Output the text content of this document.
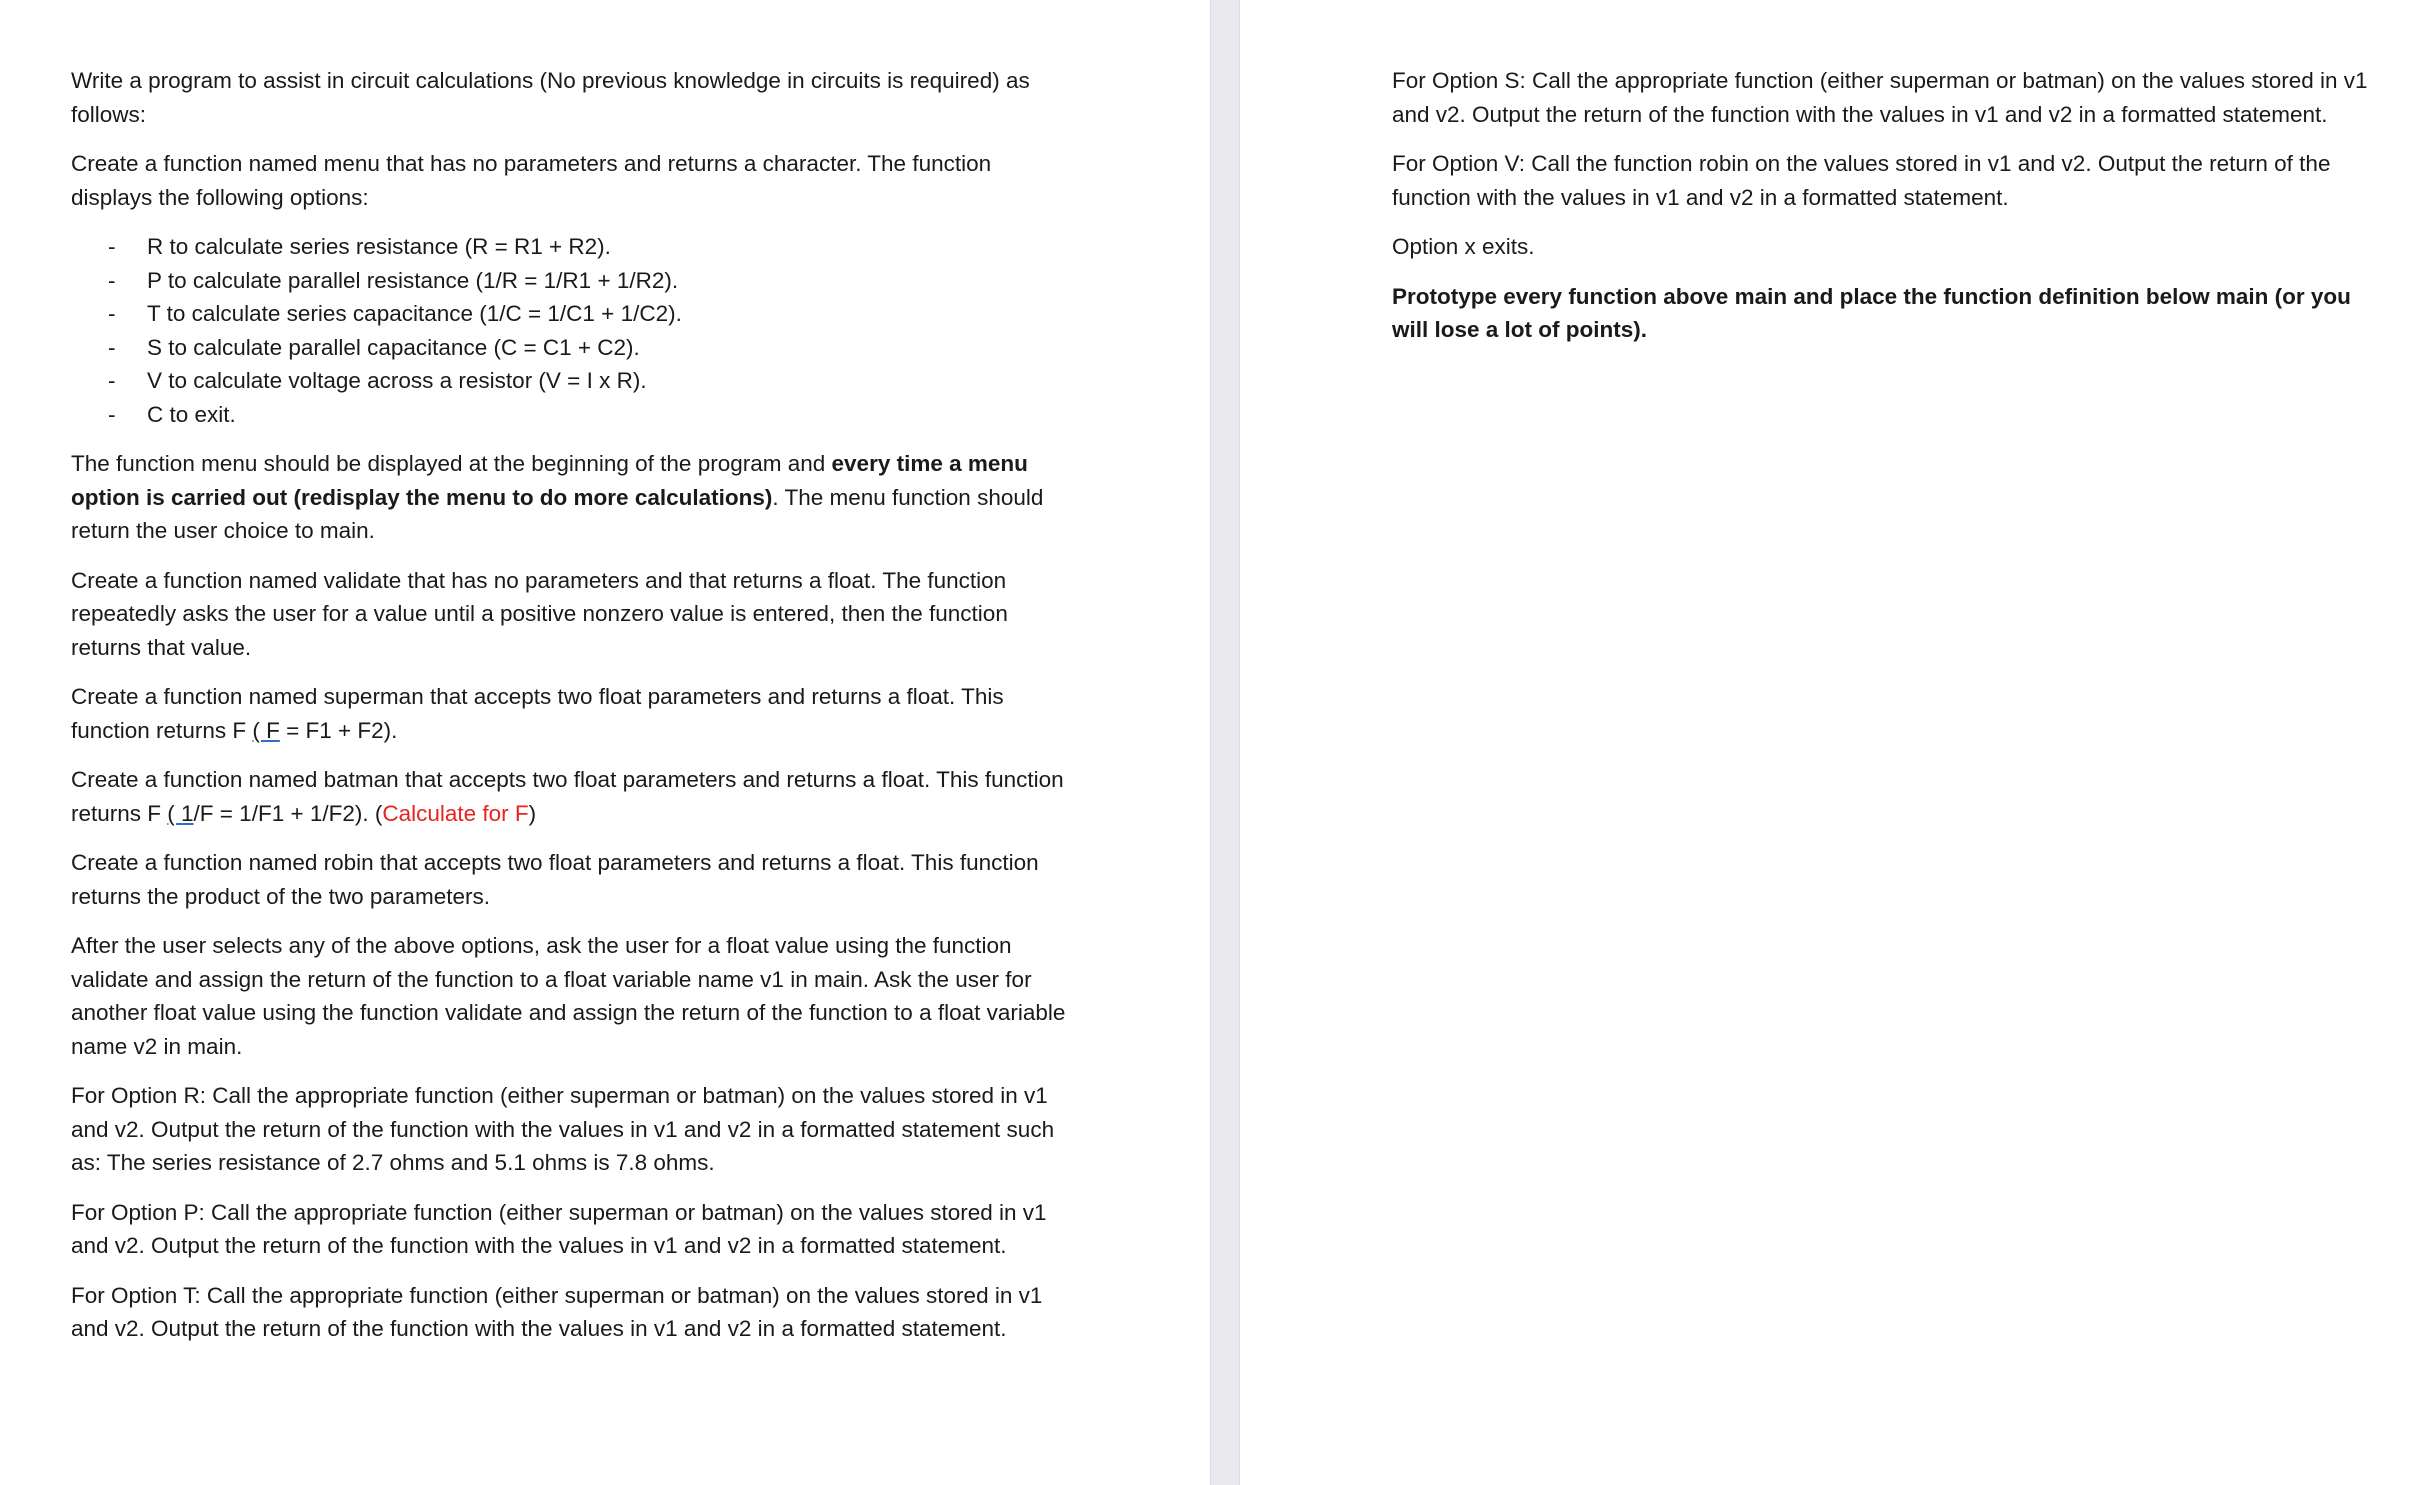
Write a program to assist in circuit calculations (No previous knowledge in circuits is required) as follows:

Create a function named menu that has no parameters and returns a character. The function displays the following options:

- R to calculate series resistance (R = R1 + R2).
- P to calculate parallel resistance (1/R = 1/R1 + 1/R2).
- T to calculate series capacitance (1/C = 1/C1 + 1/C2).
- S to calculate parallel capacitance (C = C1 + C2).
- V to calculate voltage across a resistor (V = I x R).
- C to exit.

The function menu should be displayed at the beginning of the program and every time a menu option is carried out (redisplay the menu to do more calculations). The menu function should return the user choice to main.

Create a function named validate that has no parameters and that returns a float. The function repeatedly asks the user for a value until a positive nonzero value is entered, then the function returns that value.

Create a function named superman that accepts two float parameters and returns a float. This function returns F ( F = F1 + F2).

Create a function named batman that accepts two float parameters and returns a float. This function returns F ( 1/F = 1/F1 + 1/F2). (Calculate for F)

Create a function named robin that accepts two float parameters and returns a float. This function returns the product of the two parameters.

After the user selects any of the above options, ask the user for a float value using the function validate and assign the return of the function to a float variable name v1 in main. Ask the user for another float value using the function validate and assign the return of the function to a float variable name v2 in main.

For Option R: Call the appropriate function (either superman or batman) on the values stored in v1 and v2. Output the return of the function with the values in v1 and v2 in a formatted statement such as: The series resistance of 2.7 ohms and 5.1 ohms is 7.8 ohms.

For Option P: Call the appropriate function (either superman or batman) on the values stored in v1 and v2. Output the return of the function with the values in v1 and v2 in a formatted statement.

For Option T: Call the appropriate function (either superman or batman) on the values stored in v1 and v2. Output the return of the function with the values in v1 and v2 in a formatted statement.

For Option S: Call the appropriate function (either superman or batman) on the values stored in v1 and v2. Output the return of the function with the values in v1 and v2 in a formatted statement.

For Option V: Call the function robin on the values stored in v1 and v2. Output the return of the function with the values in v1 and v2 in a formatted statement.

Option x exits.

Prototype every function above main and place the function definition below main (or you will lose a lot of points).
